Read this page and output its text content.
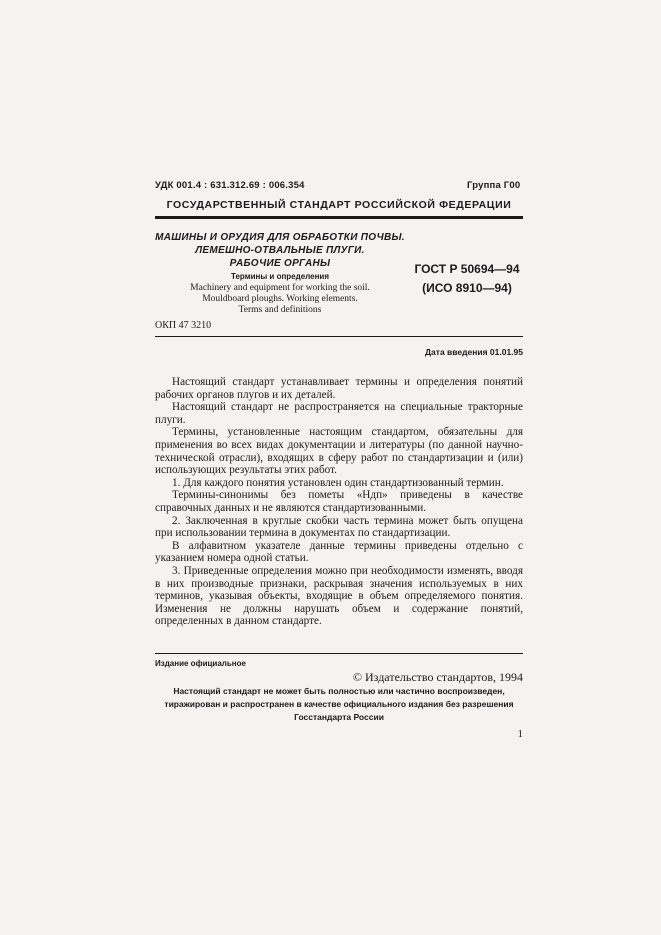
УДК 001.4 : 631.312.69 : 006.354	Группа Г00
ГОСУДАРСТВЕННЫЙ СТАНДАРТ РОССИЙСКОЙ ФЕДЕРАЦИИ
МАШИНЫ И ОРУДИЯ ДЛЯ ОБРАБОТКИ ПОЧВЫ.
ЛЕМЕШНО-ОТВАЛЬНЫЕ ПЛУГИ.
РАБОЧИЕ ОРГАНЫ
Термины и определения
Machinery and equipment for working the soil.
Mouldboard ploughs. Working elements.
Terms and definitions
ГОСТ Р 50694—94
(ИСО 8910—94)
ОКП 47 3210
Дата введения 01.01.95

Настоящий стандарт устанавливает термины и определения понятий рабочих органов плугов и их деталей.

Настоящий стандарт не распространяется на специальные тракторные плуги.

Термины, установленные настоящим стандартом, обязательны для применения во всех видах документации и литературы (по данной научно-технической отрасли), входящих в сферу работ по стандартизации и (или) использующих результаты этих работ.

1. Для каждого понятия установлен один стандартизованный термин.

Термины-синонимы без пометы «Ндп» приведены в качестве справочных данных и не являются стандартизованными.

2. Заключенная в круглые скобки часть термина может быть опущена при использовании термина в документах по стандартизации.

В алфавитном указателе данные термины приведены отдельно с указанием номера одной статьи.

3. Приведенные определения можно при необходимости изменять, вводя в них производные признаки, раскрывая значения используемых в них терминов, указывая объекты, входящие в объем определяемого понятия. Изменения не должны нарушать объем и содержание понятий, определенных в данном стандарте.

Издание официальное
© Издательство стандартов, 1994
Настоящий стандарт не может быть полностью или частично воспроизведен,
тиражирован и распространен в качестве официального издания без разрешения
Госстандарта России
1
